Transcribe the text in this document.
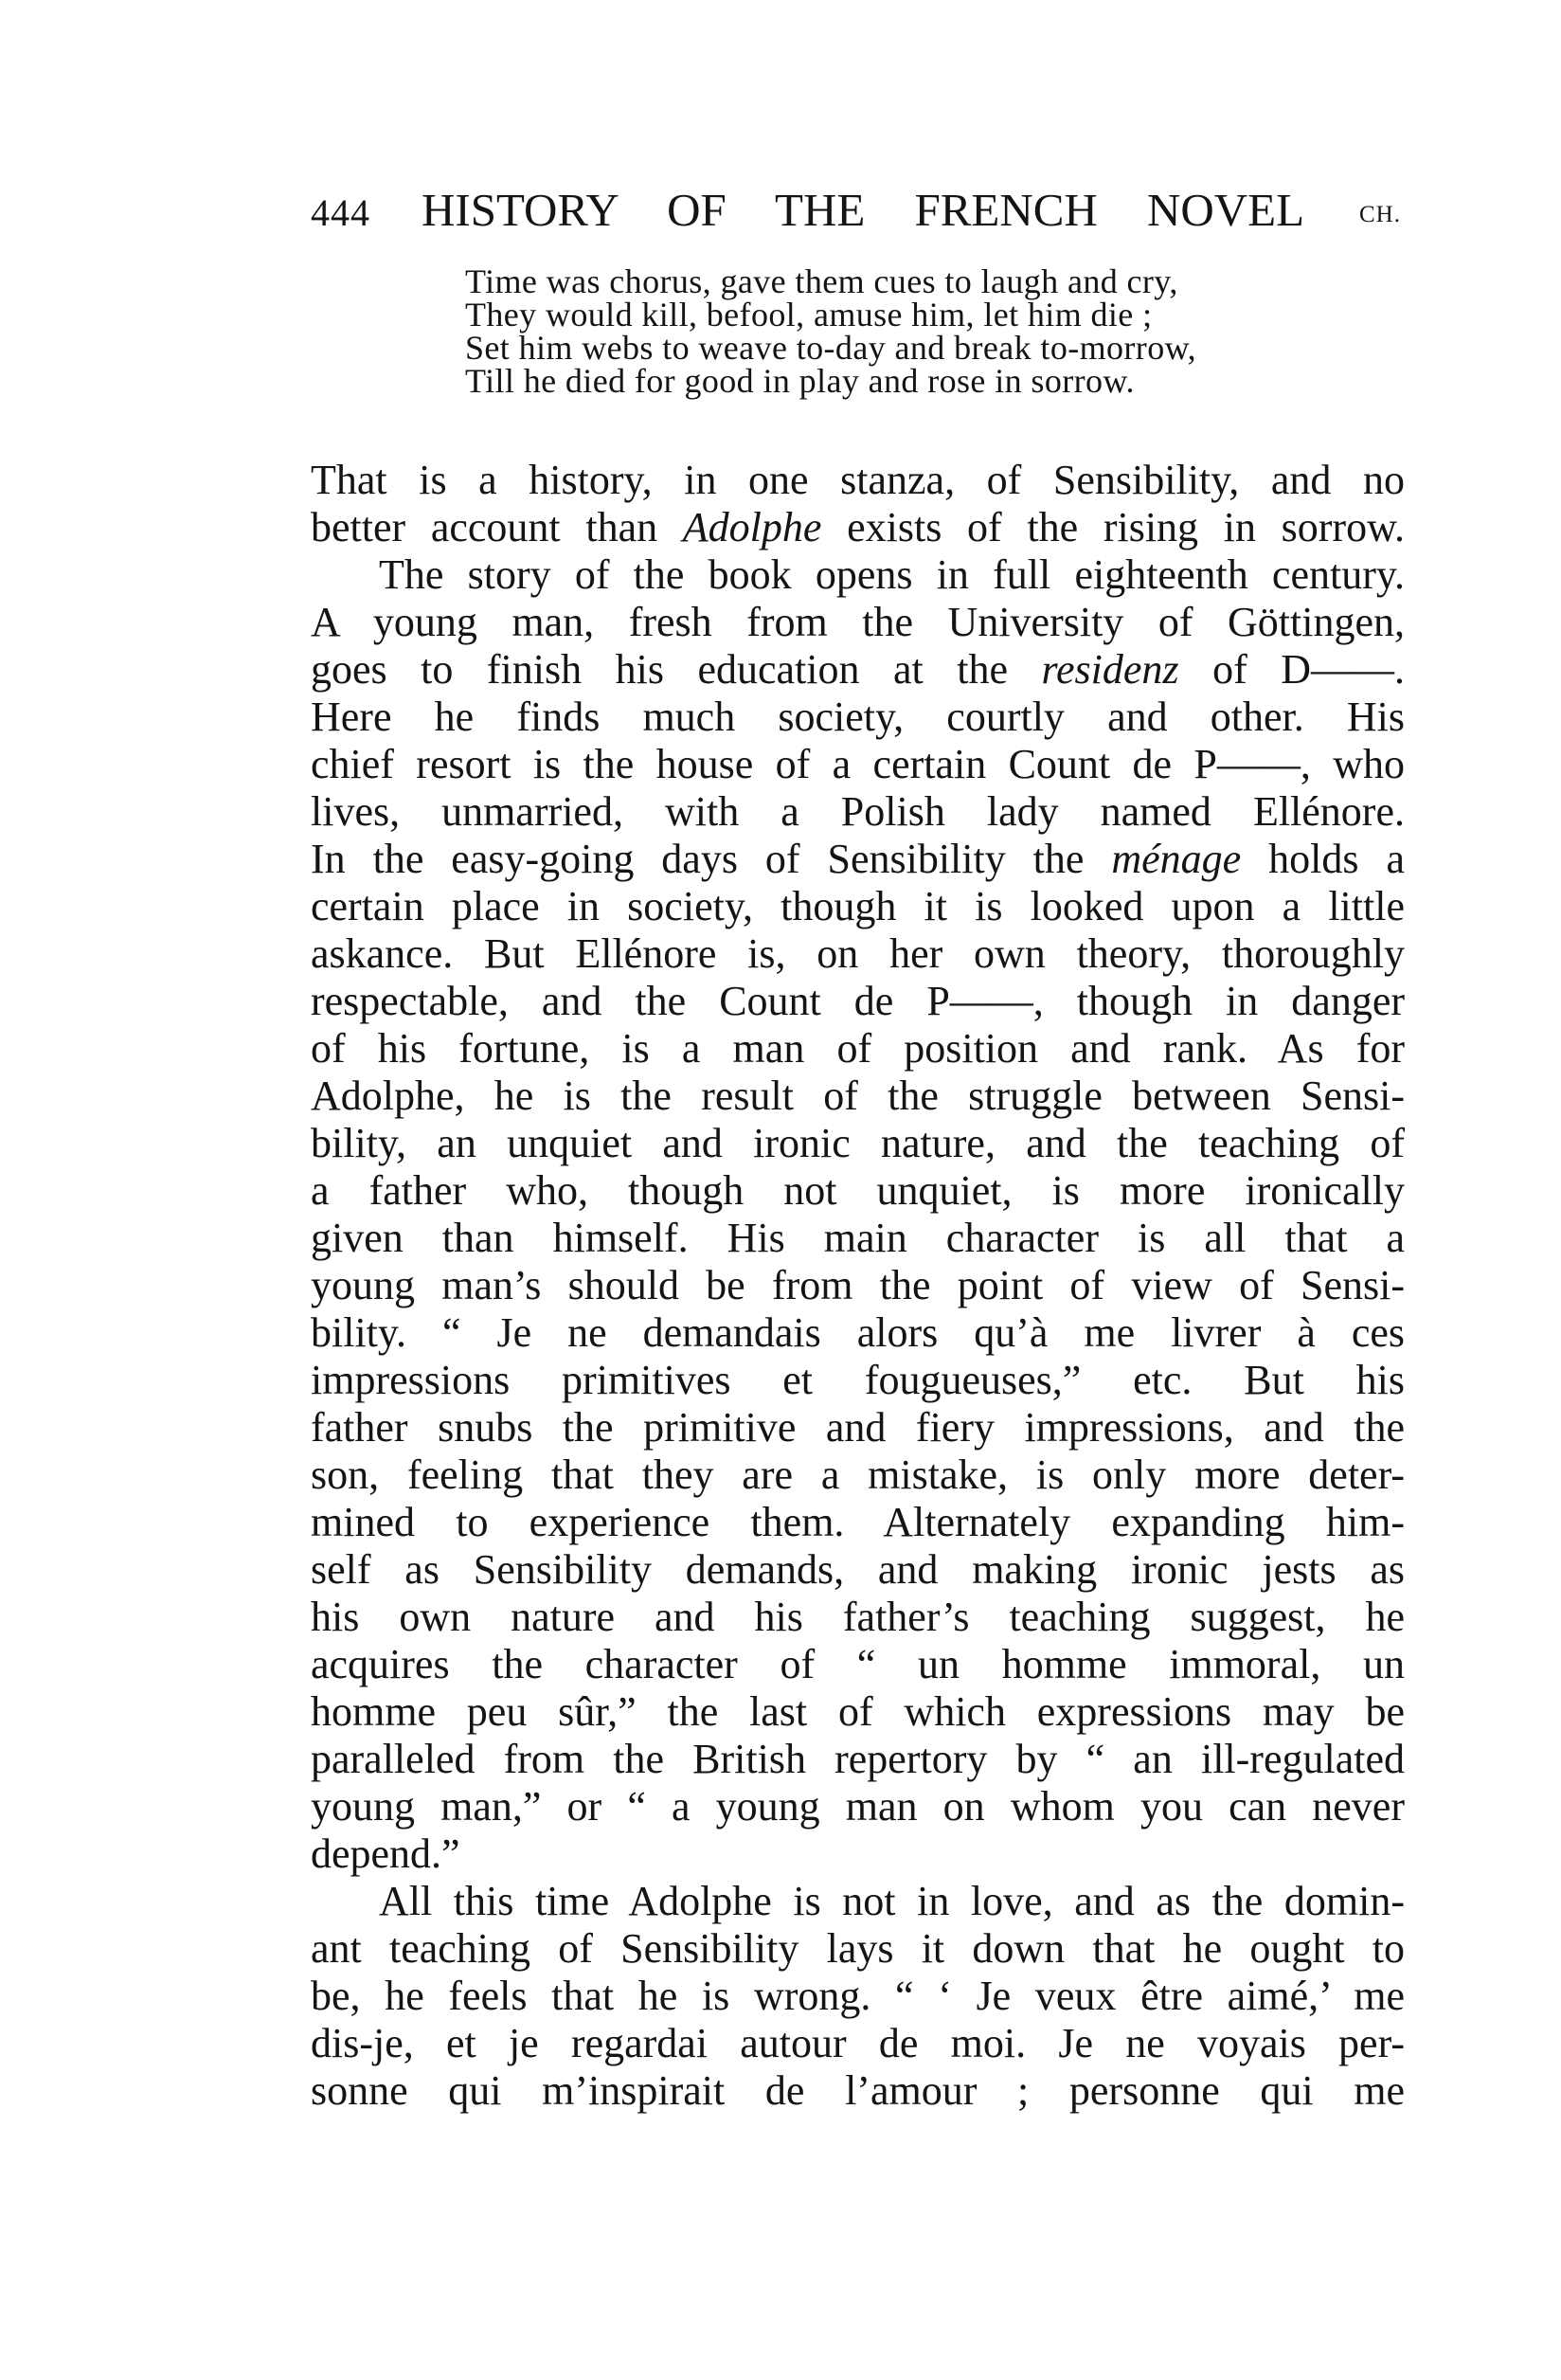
444 HISTORY OF THE FRENCH NOVEL CH.
Time was chorus, gave them cues to laugh and cry,
They would kill, befool, amuse him, let him die ;
Set him webs to weave to-day and break to-morrow,
Till he died for good in play and rose in sorrow.
That is a history, in one stanza, of Sensibility, and no
better account than Adolphe exists of the rising in sorrow.
The story of the book opens in full eighteenth century.
A young man, fresh from the University of Göttingen,
goes to finish his education at the residenz of D——.
Here he finds much society, courtly and other. His
chief resort is the house of a certain Count de P——, who
lives, unmarried, with a Polish lady named Ellénore.
In the easy-going days of Sensibility the ménage holds a
certain place in society, though it is looked upon a little
askance. But Ellénore is, on her own theory, thoroughly
respectable, and the Count de P——, though in danger
of his fortune, is a man of position and rank. As for
Adolphe, he is the result of the struggle between Sensi-
bility, an unquiet and ironic nature, and the teaching of
a father who, though not unquiet, is more ironically
given than himself. His main character is all that a
young man’s should be from the point of view of Sensi-
bility. “ Je ne demandais alors qu’à me livrer à ces
impressions primitives et fougueuses,” etc. But his
father snubs the primitive and fiery impressions, and the
son, feeling that they are a mistake, is only more deter-
mined to experience them. Alternately expanding him-
self as Sensibility demands, and making ironic jests as
his own nature and his father’s teaching suggest, he
acquires the character of “ un homme immoral, un
homme peu sûr,” the last of which expressions may be
paralleled from the British repertory by “ an ill-regulated
young man,” or “ a young man on whom you can never
depend.”
All this time Adolphe is not in love, and as the domin-
ant teaching of Sensibility lays it down that he ought to
be, he feels that he is wrong. “ ‘ Je veux être aimé,’ me
dis-je, et je regardai autour de moi. Je ne voyais per-
sonne qui m’inspirait de l’amour ; personne qui me
